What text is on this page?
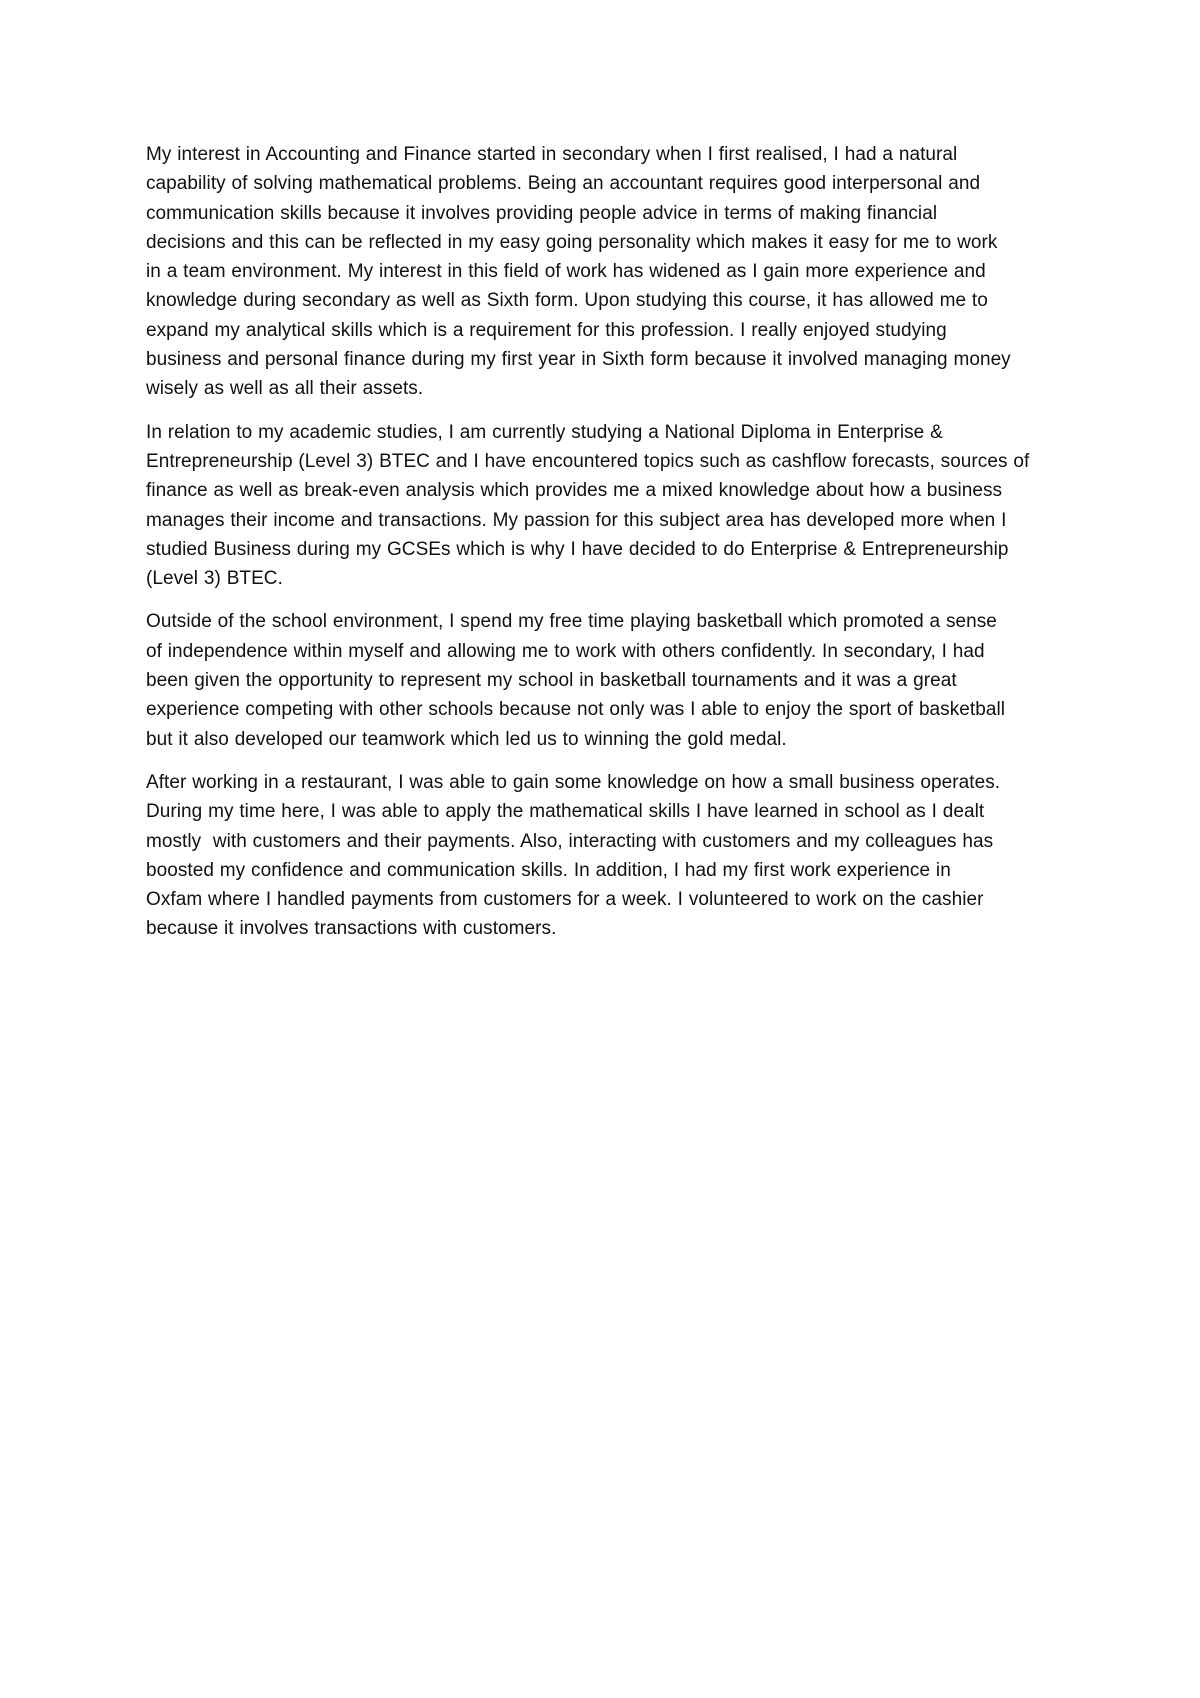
My interest in Accounting and Finance started in secondary when I first realised, I had a natural
capability of solving mathematical problems. Being an accountant requires good interpersonal and
communication skills because it involves providing people advice in terms of making financial
decisions and this can be reflected in my easy going personality which makes it easy for me to work
in a team environment. My interest in this field of work has widened as I gain more experience and
knowledge during secondary as well as Sixth form. Upon studying this course, it has allowed me to
expand my analytical skills which is a requirement for this profession. I really enjoyed studying
business and personal finance during my first year in Sixth form because it involved managing money
wisely as well as all their assets.

In relation to my academic studies, I am currently studying a National Diploma in Enterprise &
Entrepreneurship (Level 3) BTEC and I have encountered topics such as cashflow forecasts, sources of
finance as well as break-even analysis which provides me a mixed knowledge about how a business
manages their income and transactions. My passion for this subject area has developed more when I
studied Business during my GCSEs which is why I have decided to do Enterprise & Entrepreneurship
(Level 3) BTEC.

Outside of the school environment, I spend my free time playing basketball which promoted a sense
of independence within myself and allowing me to work with others confidently. In secondary, I had
been given the opportunity to represent my school in basketball tournaments and it was a great
experience competing with other schools because not only was I able to enjoy the sport of basketball
but it also developed our teamwork which led us to winning the gold medal.

After working in a restaurant, I was able to gain some knowledge on how a small business operates.
During my time here, I was able to apply the mathematical skills I have learned in school as I dealt
mostly  with customers and their payments. Also, interacting with customers and my colleagues has
boosted my confidence and communication skills. In addition, I had my first work experience in
Oxfam where I handled payments from customers for a week. I volunteered to work on the cashier
because it involves transactions with customers.
